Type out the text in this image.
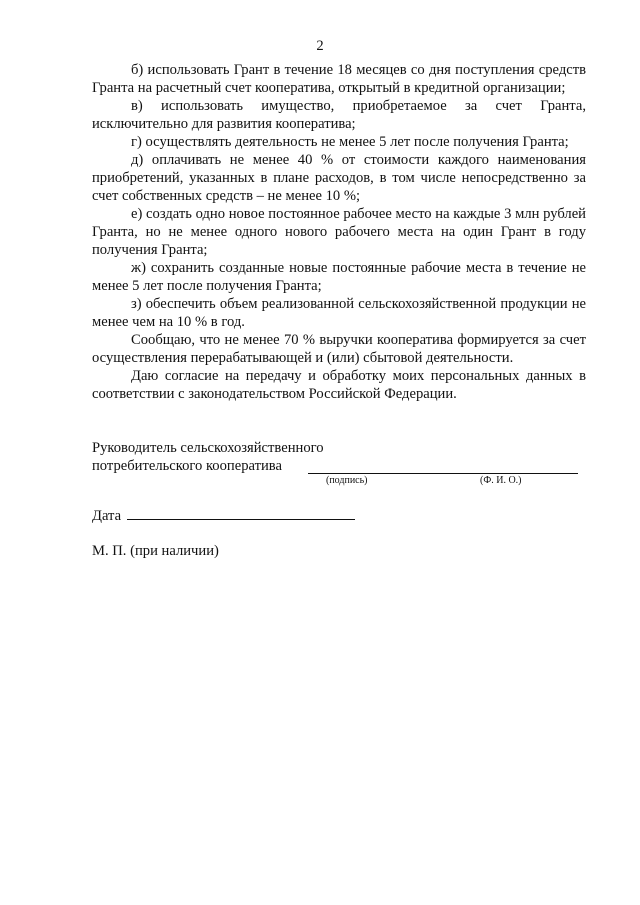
2

б) использовать Грант в течение 18 месяцев со дня поступления средств Гранта на расчетный счет кооператива, открытый в кредитной организации;

в) использовать имущество, приобретаемое за счет Гранта, исключительно для развития кооператива;

г) осуществлять деятельность не менее 5 лет после получения Гранта;

д) оплачивать не менее 40 % от стоимости каждого наименования приобретений, указанных в плане расходов, в том числе непосредственно за счет собственных средств – не менее 10 %;

е) создать одно новое постоянное рабочее место на каждые 3 млн рублей Гранта, но не менее одного нового рабочего места на один Грант в году получения Гранта;

ж) сохранить созданные новые постоянные рабочие места в течение не менее 5 лет после получения Гранта;

з) обеспечить объем реализованной сельскохозяйственной продукции не менее чем на 10 % в год.

Сообщаю, что не менее 70 % выручки кооператива формируется за счет осуществления перерабатывающей и (или) сбытовой деятельности.

Даю согласие на передачу и обработку моих персональных данных в соответствии с законодательством Российской Федерации.

Руководитель сельскохозяйственного
потребительского кооператива
(подпись)	(Ф. И. О.)
Дата
М. П. (при наличии)
